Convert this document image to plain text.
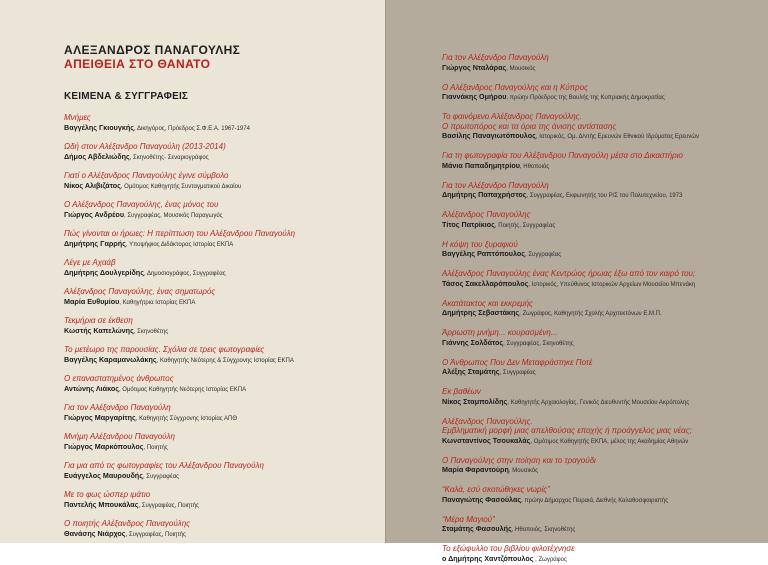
ΑΛΕΞΑΝΔΡΟΣ ΠΑΝΑΓΟΥΛΗΣ
ΑΠΕΙΘΕΙΑ ΣΤΟ ΘΑΝΑΤΟ
ΚΕΙΜΕΝΑ & ΣΥΓΓΡΑΦΕΙΣ
Μνήμες
Βαγγέλης Γκιουγκής, Δικηγόρος, Πρόεδρος Σ.Φ.Ε.Α. 1967-1974
Ωδή στον Αλέξανδρο Παναγούλη (2013-2014)
Δήμος Αβδελιώδης, Σκηνοθέτης- Σεναριογράφος
Γιατί ο Αλέξανδρος Παναγούλης έγινε σύμβολο
Νίκος Αλιβιζάτος, Ομότιμος Καθηγητής Συνταγματικού Δικαίου
Ο Αλέξανδρος Παναγούλης, ένας μόνος του
Γιώργος Ανδρέου, Συγγραφέας, Μουσικός Παραγωγός
Πώς γίνονται οι ήρωες: Η περίπτωση του Αλέξανδρου Παναγούλη
Δημήτρης Γαρρής, Υποψήφιος Διδάκτορας Ιστορίας ΕΚΠΑ
Λέγε με Αχαάβ
Δημήτρης Δουλγερίδης, Δημοσιογράφος, Συγγραφέας
Αλέξανδρος Παναγούλης, ένας σηματωρός
Μαρία Ευθυμίου, Καθηγήτρια Ιστορίας ΕΚΠΑ
Τεκμήρια σε έκθεση
Κωστής Καπελώνης, Σκηνοθέτης
Το μετέωρο της παρουσίας. Σχόλια σε τρεις φωτογραφίες
Βαγγέλης Καραμανωλάκης, Καθηγητής Νεότερης & Σύγχρονης Ιστορίας ΕΚΠΑ
Ο επαναστατημένος άνθρωπος
Αντώνης Λιάκος, Ομότιμος Καθηγητής Νεότερης Ιστορίας ΕΚΠΑ
Για τον Αλέξανδρο Παναγούλη
Γιώργος Μαργαρίτης, Καθηγητής Σύγχρονης Ιστορίας ΑΠΘ
Μνήμη Αλέξανδρου Παναγούλη
Γιώργος Μαρκόπουλος, Ποιητής
Για μια από τις φωτογραφίες του Αλέξανδρου Παναγούλη
Ευάγγελος Μαυρουδής, Συγγραφέας
Με το φως ώσπερ ιμάτιο
Παντελής Μπουκάλας, Συγγραφέας, Ποιητής
Ο ποιητής Αλέξανδρος Παναγούλης
Θανάσης Νιάρχος, Συγγραφέας, Ποιητής
Για τον Αλέξανδρο Παναγούλη
Γιώργος Νταλάρας, Μουσικός
Ο Αλέξανδρος Παναγούλης και η Κύπρος
Γιαννάκης Ομήρου, πρώην Πρόεδρος της Βουλής της Κυπριακής Δημοκρατίας
Το φαινόμενο Αλέξανδρος Παναγούλης.
Ο πρωτοπόρος και τα όρια της άνισης αντίστασης
Βασίλης Παναγιωτόπουλος, Ιστορικός, Ομ. Δ/ντής Ερευνών Εθνικού Ιδρύματος Ερευνών
Για τη φωτογραφία του Αλέξανδρου Παναγούλη μέσα στο Δικαστήριο
Μάνια Παπαδημητρίου, Ηθοποιός
Για τον Αλέξανδρο Παναγούλη
Δημήτρης Παπαχρήστος, Συγγραφέας, Εκφωνητής του Ρ/Σ του Πολυτεχνείου, 1973
Αλέξανδρος Παναγούλης
Τίτος Πατρίκιος, Ποιητής, Συγγραφέας
Η κόψη του ξυραφιού
Βαγγέλης Ραπτόπουλος, Συγγραφέας
Αλέξανδρος Παναγούλης ένας Κεντρώος ήρωας έξω από τον καιρό του;
Τάσος Σακελλαρόπουλος, Ιστορικός, Υπεύθυνος Ιστορικών Αρχείων Μουσείου Μπενάκη
Ακατάτακτος και εκκρεμής
Δημήτρης Σεβαστάκης, Ζωγράφος, Καθηγητής Σχολής Αρχιτεκτόνων Ε.Μ.Π.
Άρρωστη μνήμη... κουρασμένη...
Γιάννης Σολδάτος, Συγγραφέας, Σκηνοθέτης
Ο Άνθρωπος Που Δεν Μεταφράστηκε Ποτέ
Αλέξης Σταμάτης, Συγγραφέας
Εκ βαθέων
Νίκος Σταμπολίδης, Καθηγητής Αρχαιολογίας, Γενικός Διευθυντής Μουσείου Ακρόπολης
Αλέξανδρος Παναγούλης.
Εμβληματική μορφή μιας απελθούσας εποχής ή προάγγελος μιας νέας;
Κωνσταντίνος Τσουκαλάς, Ομότιμος Καθηγητής ΕΚΠΑ, μέλος της Ακαδημίας Αθηνών
Ο Παναγούλης στην ποίηση και το τραγούδι
Μαρία Φαραντούρη, Μουσικός
“Καλά, εσύ σκοτώθηκες νωρίς”
Παναγιώτης Φασούλας, πρώην Δήμαρχος Πειραιά, Διεθνής Καλαθοσφαιριστής
“Μέρα Μαγιού”
Σταμάτης Φασουλής, Ηθοποιός, Σκηνοθέτης
Το εξώφυλλο του βιβλίου φιλοτέχνησε
ο Δημήτρης Χαντζόπουλος , Ζωγράφος
